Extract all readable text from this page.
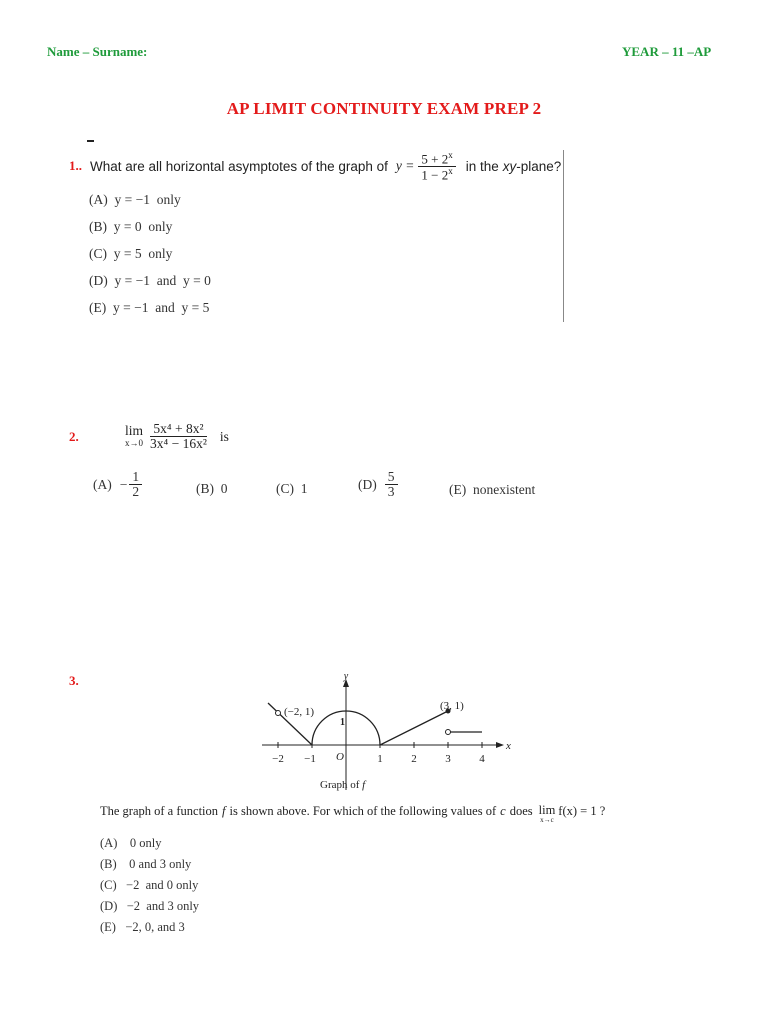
Name – Surname:	YEAR – 11 –AP
AP LIMIT CONTINUITY EXAM PREP 2
1.. What are all horizontal asymptotes of the graph of $y = \frac{5 + 2^x}{1 - 2^x}$ in the xy -plane?
(A)  y = −1  only
(B)  y = 0  only
(C)  y = 5  only
(D)  y = −1  and  y = 0
(E)  y = −1  and  y = 5
2.	lim
$x\to 0 \frac{\text{5x⁴ + 8x²}}{\text{3x⁴ − 16x²}}$ is
$(A) - \frac{1}{2}$	(B)  0	(C)  1	$(D) \frac{5}{3}$	(E)  nonexistent
3.	y
x
O
−2 −1	1	2	3	4
1
(−2, 1)	(3, 1)
Graph of f
The graph of a function f is shown above. For which of the following values of c does lim
x→c
f(x) = 1 ?
(A)    0 only
(B)    0 and 3 only
(C)   −2  and 0 only
(D)   −2  and 3 only
(E)   −2, 0, and 3
